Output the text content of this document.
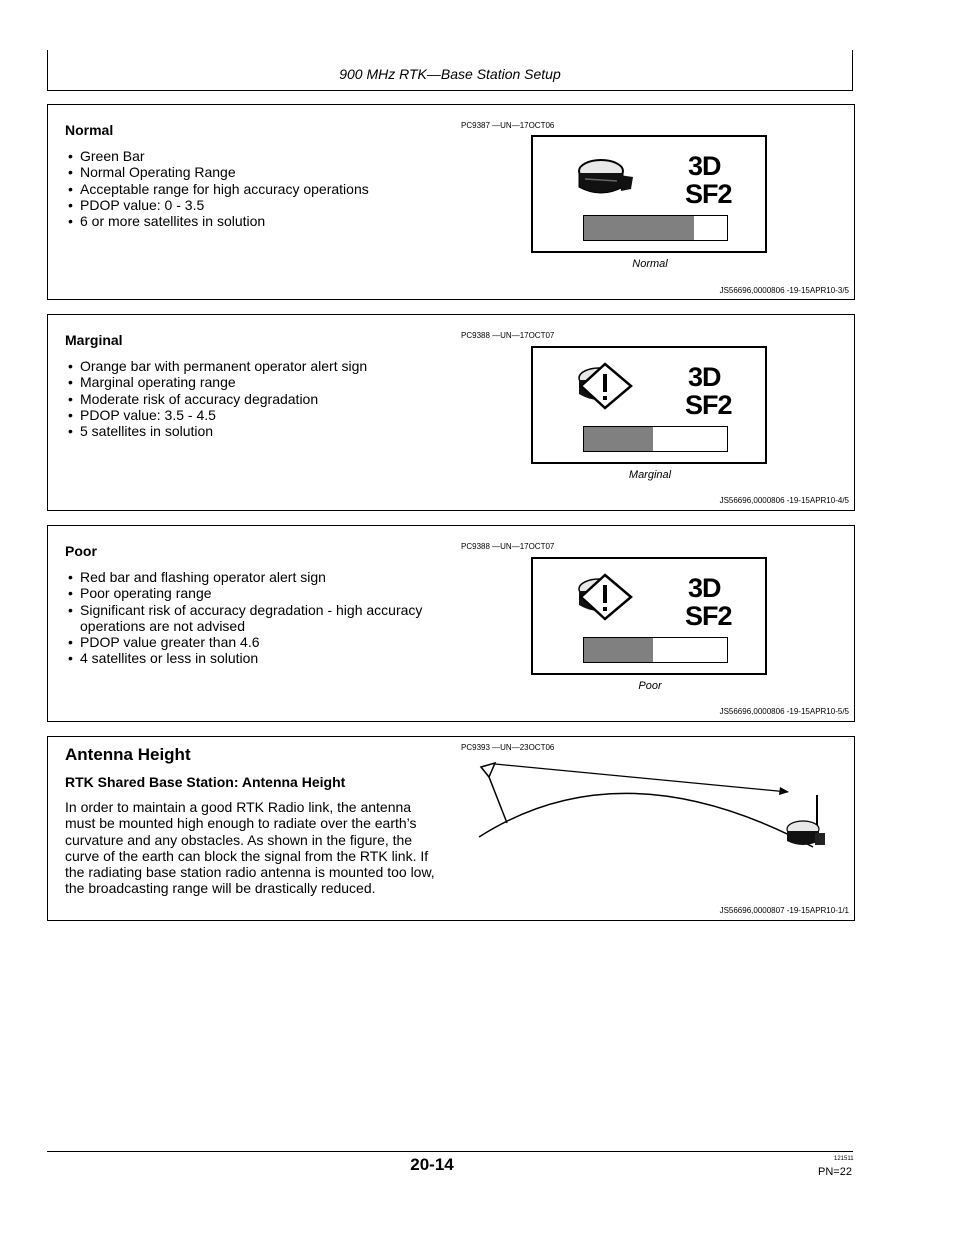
900 MHz RTK—Base Station Setup
Normal
• Green Bar
• Normal Operating Range
• Acceptable range for high accuracy operations
• PDOP value: 0 - 3.5
• 6 or more satellites in solution
PC9387 —UN—17OCT06
3D
SF2
Normal
JS56696,0000806 -19-15APR10-3/5
Marginal
• Orange bar with permanent operator alert sign
• Marginal operating range
• Moderate risk of accuracy degradation
• PDOP value: 3.5 - 4.5
• 5 satellites in solution
PC9388 —UN—17OCT07
3D
SF2
Marginal
JS56696,0000806 -19-15APR10-4/5
Poor
• Red bar and flashing operator alert sign
• Poor operating range
• Significant risk of accuracy degradation - high accuracy operations are not advised
• PDOP value greater than 4.6
• 4 satellites or less in solution
PC9388 —UN—17OCT07
3D
SF2
Poor
JS56696,0000806 -19-15APR10-5/5
Antenna Height
RTK Shared Base Station: Antenna Height

In order to maintain a good RTK Radio link, the antenna must be mounted high enough to radiate over the earth’s curvature and any obstacles. As shown in the figure, the curve of the earth can block the signal from the RTK link. If the radiating base station radio antenna is mounted too low, the broadcasting range will be drastically reduced.

PC9393 —UN—23OCT06
JS56696,0000807 -19-15APR10-1/1
20-14	121511
PN=22
